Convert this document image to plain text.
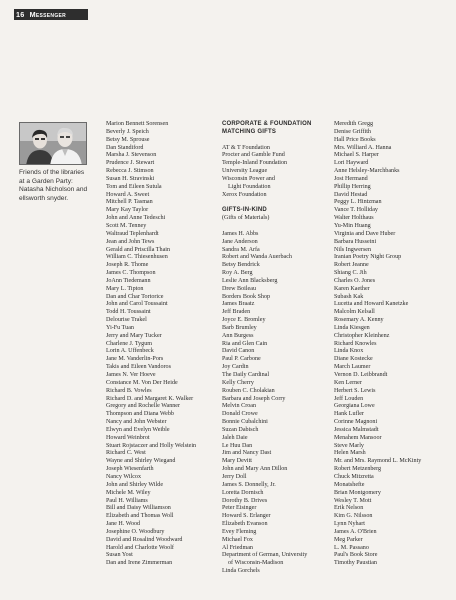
16 Messenger
Friends of the libraries at a Garden Party: Natasha Nicholson and ellsworth snyder.
Marion Bennett Sorensen
Beverly J. Speich
Betsy M. Sprouse
Dan Standiford
Marsha J. Stevenson
Prudence J. Stewart
Rebecca J. Stimson
Susan H. Stravinski
Tom and Eileen Sutula
Howard A. Sweet
Mitchell P. Tasman
Mary Kay Taylor
John and Anne Tedeschi
Scott M. Tenney
Waltraud Teplenhardt
Jean and John Tews
Gerald and Priscilla Thain
William C. Thiesenhusen
Joseph R. Thome
James C. Thompson
JoAnn Tiedemann
Mary L. Tipton
Dan and Char Tortorice
John and Carol Toussaint
Todd H. Toussaint
Delourise Trakel
Yi-Fu Tuan
Jerry and Mary Tucker
Charlene J. Tygum
Lorin A. Uffenbeck
Jane M. Vanderlin-Pors
Takis and Eileen Vandoros
James N. Ver Hoeve
Constance M. Von Der Heide
Richard B. Vowles
Richard D. and Margaret K. Walker
Gregory and Rochelle Wanner
Thompson and Diana Webb
Nancy and John Webster
Elwyn and Evelyn Weible
Howard Weinbrot
Stuart Rojstaczer and Holly Welstein
Richard C. West
Wayne and Shirley Wiegand
Joseph Wiesenfarth
Nancy Wilcox
John and Shirley Wilde
Michele M. Wiley
Paul H. Williams
Bill and Daisy Williamson
Elizabeth and Thomas Woll
Jane H. Wood
Josephine O. Woodbury
David and Rosalind Woodward
Harold and Charlotte Woolf
Susan Yost
Dan and Irene Zimmerman
CORPORATE & FOUNDATION
MATCHING GIFTS
AT & T Foundation
Procter and Gamble Fund
Temple-Inland Foundation
University League
Wisconsin Power and
Light Foundation
Xerox Foundation
GIFTS-IN-KIND
(Gifts of Materials)
James H. Abbs
Jane Anderson
Sandra M. Arfa
Robert and Wanda Auerbach
Betsy Bendrick
Roy A. Berg
Leslie Ann Blacksberg
Drew Boileau
Borders Book Shop
James Braatz
Jeff Braden
Joyce E. Bromley
Barb Brumley
Ann Burgess
Ria and Glen Cain
David Canon
Paul P. Carbone
Joy Cardin
The Daily Cardinal
Kelly Cherry
Rouben C. Cholakian
Barbara and Joseph Corry
Melvin Croan
Donald Crowe
Bonnie Cubalchini
Suzan Dabisch
Jaleh Daie
Le Huu Dan
Jim and Nancy Dast
Mary Devitt
John and Mary Ann Dillon
Jerry Doll
James S. Donnelly, Jr.
Loretta Dornisch
Dorothy B. Drives
Peter Eisinger
Howard S. Erlanger
Elizabeth Evanson
Evey Fleming
Michael Fox
Al Friedman
Department of German, University
of Wisconsin-Madison
Linda Gorchels
Meredith Gregg
Denise Griffith
Hall Price Books
Mrs. Williard A. Hanna
Michael S. Harper
Lori Hayward
Anne Helsley-Marchbanks
Jost Hermand
Phillip Herring
David Hestad
Peggy L. Hintzman
Vance T. Holliday
Walter Holthaus
Yu-Min Huang
Virginia and Dave Huber
Barbara Husseini
Nils Ingwersen
Iranian Poetry Night Group
Robert Jeanne
Shiang C. Jih
Charles O. Jones
Karen Kaether
Subash Kak
Lucetta and Howard Kanetzke
Malcolm Kelsall
Rosemary A. Kenny
Linda Kiesgen
Christopher Kleinhenz
Richard Knowles
Linda Knox
Diane Kostecke
March Laumer
Vernon D. Leibbrandt
Ken Lerner
Herbert S. Lewis
Jeff Louden
Georgiana Lowe
Hank Lufler
Corinne Magnoni
Jessica Malmstadt
Menahem Mansoor
Steve Marly
Helen Marsh
Mr. and Mrs. Raymond L. McKinty
Robert Metzenberg
Chuck Mitzretta
Monatshefte
Brian Montgomery
Wesley T. Mott
Erik Nelson
Kim G. Nilsson
Lynn Nyhart
James A. O'Brien
Meg Parker
L. M. Passano
Paul's Book Store
Timothy Paustian
